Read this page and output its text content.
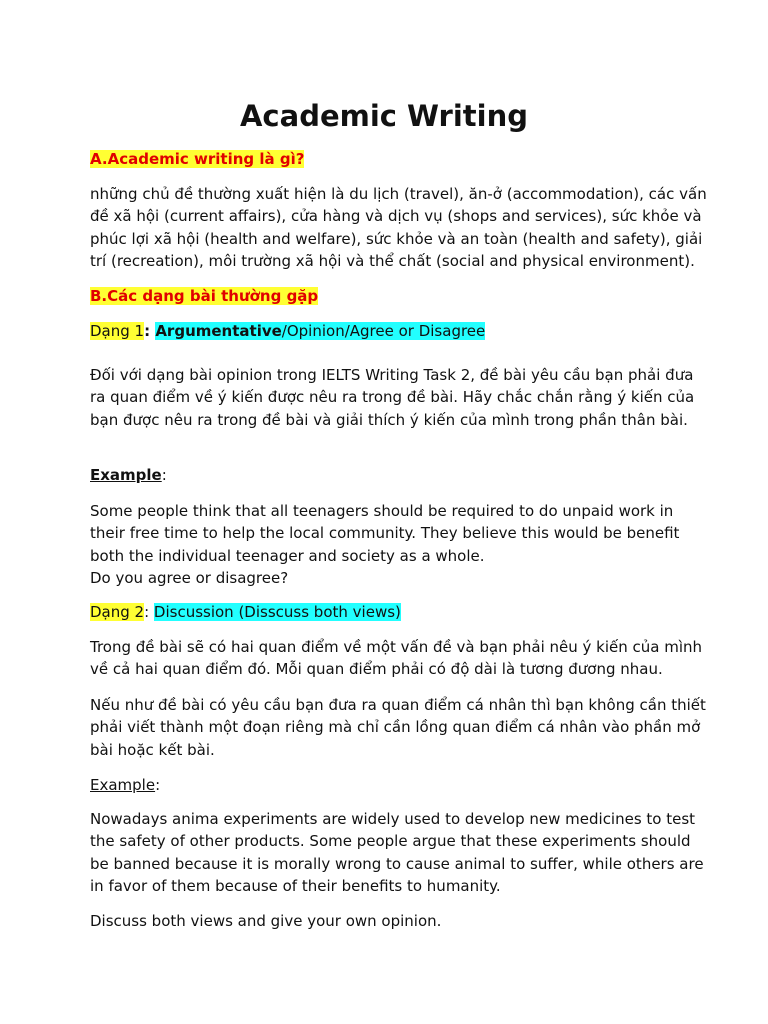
Academic Writing
A.Academic writing là gì?
những chủ đề thường xuất hiện là du lịch (travel), ăn-ở (accommodation), các vấn
đề xã hội (current affairs), cửa hàng và dịch vụ (shops and services), sức khỏe và
phúc lợi xã hội (health and welfare), sức khỏe và an toàn (health and safety), giải
trí (recreation), môi trường xã hội và thể chất (social and physical environment).
B.Các dạng bài thường gặp
Dạng 1: Argumentative/Opinion/Agree or Disagree
Đối với dạng bài opinion trong IELTS Writing Task 2, đề bài yêu cầu bạn phải đưa
ra quan điểm về ý kiến được nêu ra trong đề bài. Hãy chắc chắn rằng ý kiến của
bạn được nêu ra trong đề bài và giải thích ý kiến của mình trong phần thân bài.
Example:
Some people think that all teenagers should be required to do unpaid work in
their free time to help the local community. They believe this would be benefit
both the individual teenager and society as a whole.
Do you agree or disagree?
Dạng 2: Discussion (Disscuss both views)
Trong đề bài sẽ có hai quan điểm về một vấn đề và bạn phải nêu ý kiến của mình
về cả hai quan điểm đó. Mỗi quan điểm phải có độ dài là tương đương nhau.
Nếu như đề bài có yêu cầu bạn đưa ra quan điểm cá nhân thì bạn không cần thiết
phải viết thành một đoạn riêng mà chỉ cần lồng quan điểm cá nhân vào phần mở
bài hoặc kết bài.
Example:
Nowadays anima experiments are widely used to develop new medicines to test
the safety of other products. Some people argue that these experiments should
be banned because it is morally wrong to cause animal to suffer, while others are
in favor of them because of their benefits to humanity.
Discuss both views and give your own opinion.
